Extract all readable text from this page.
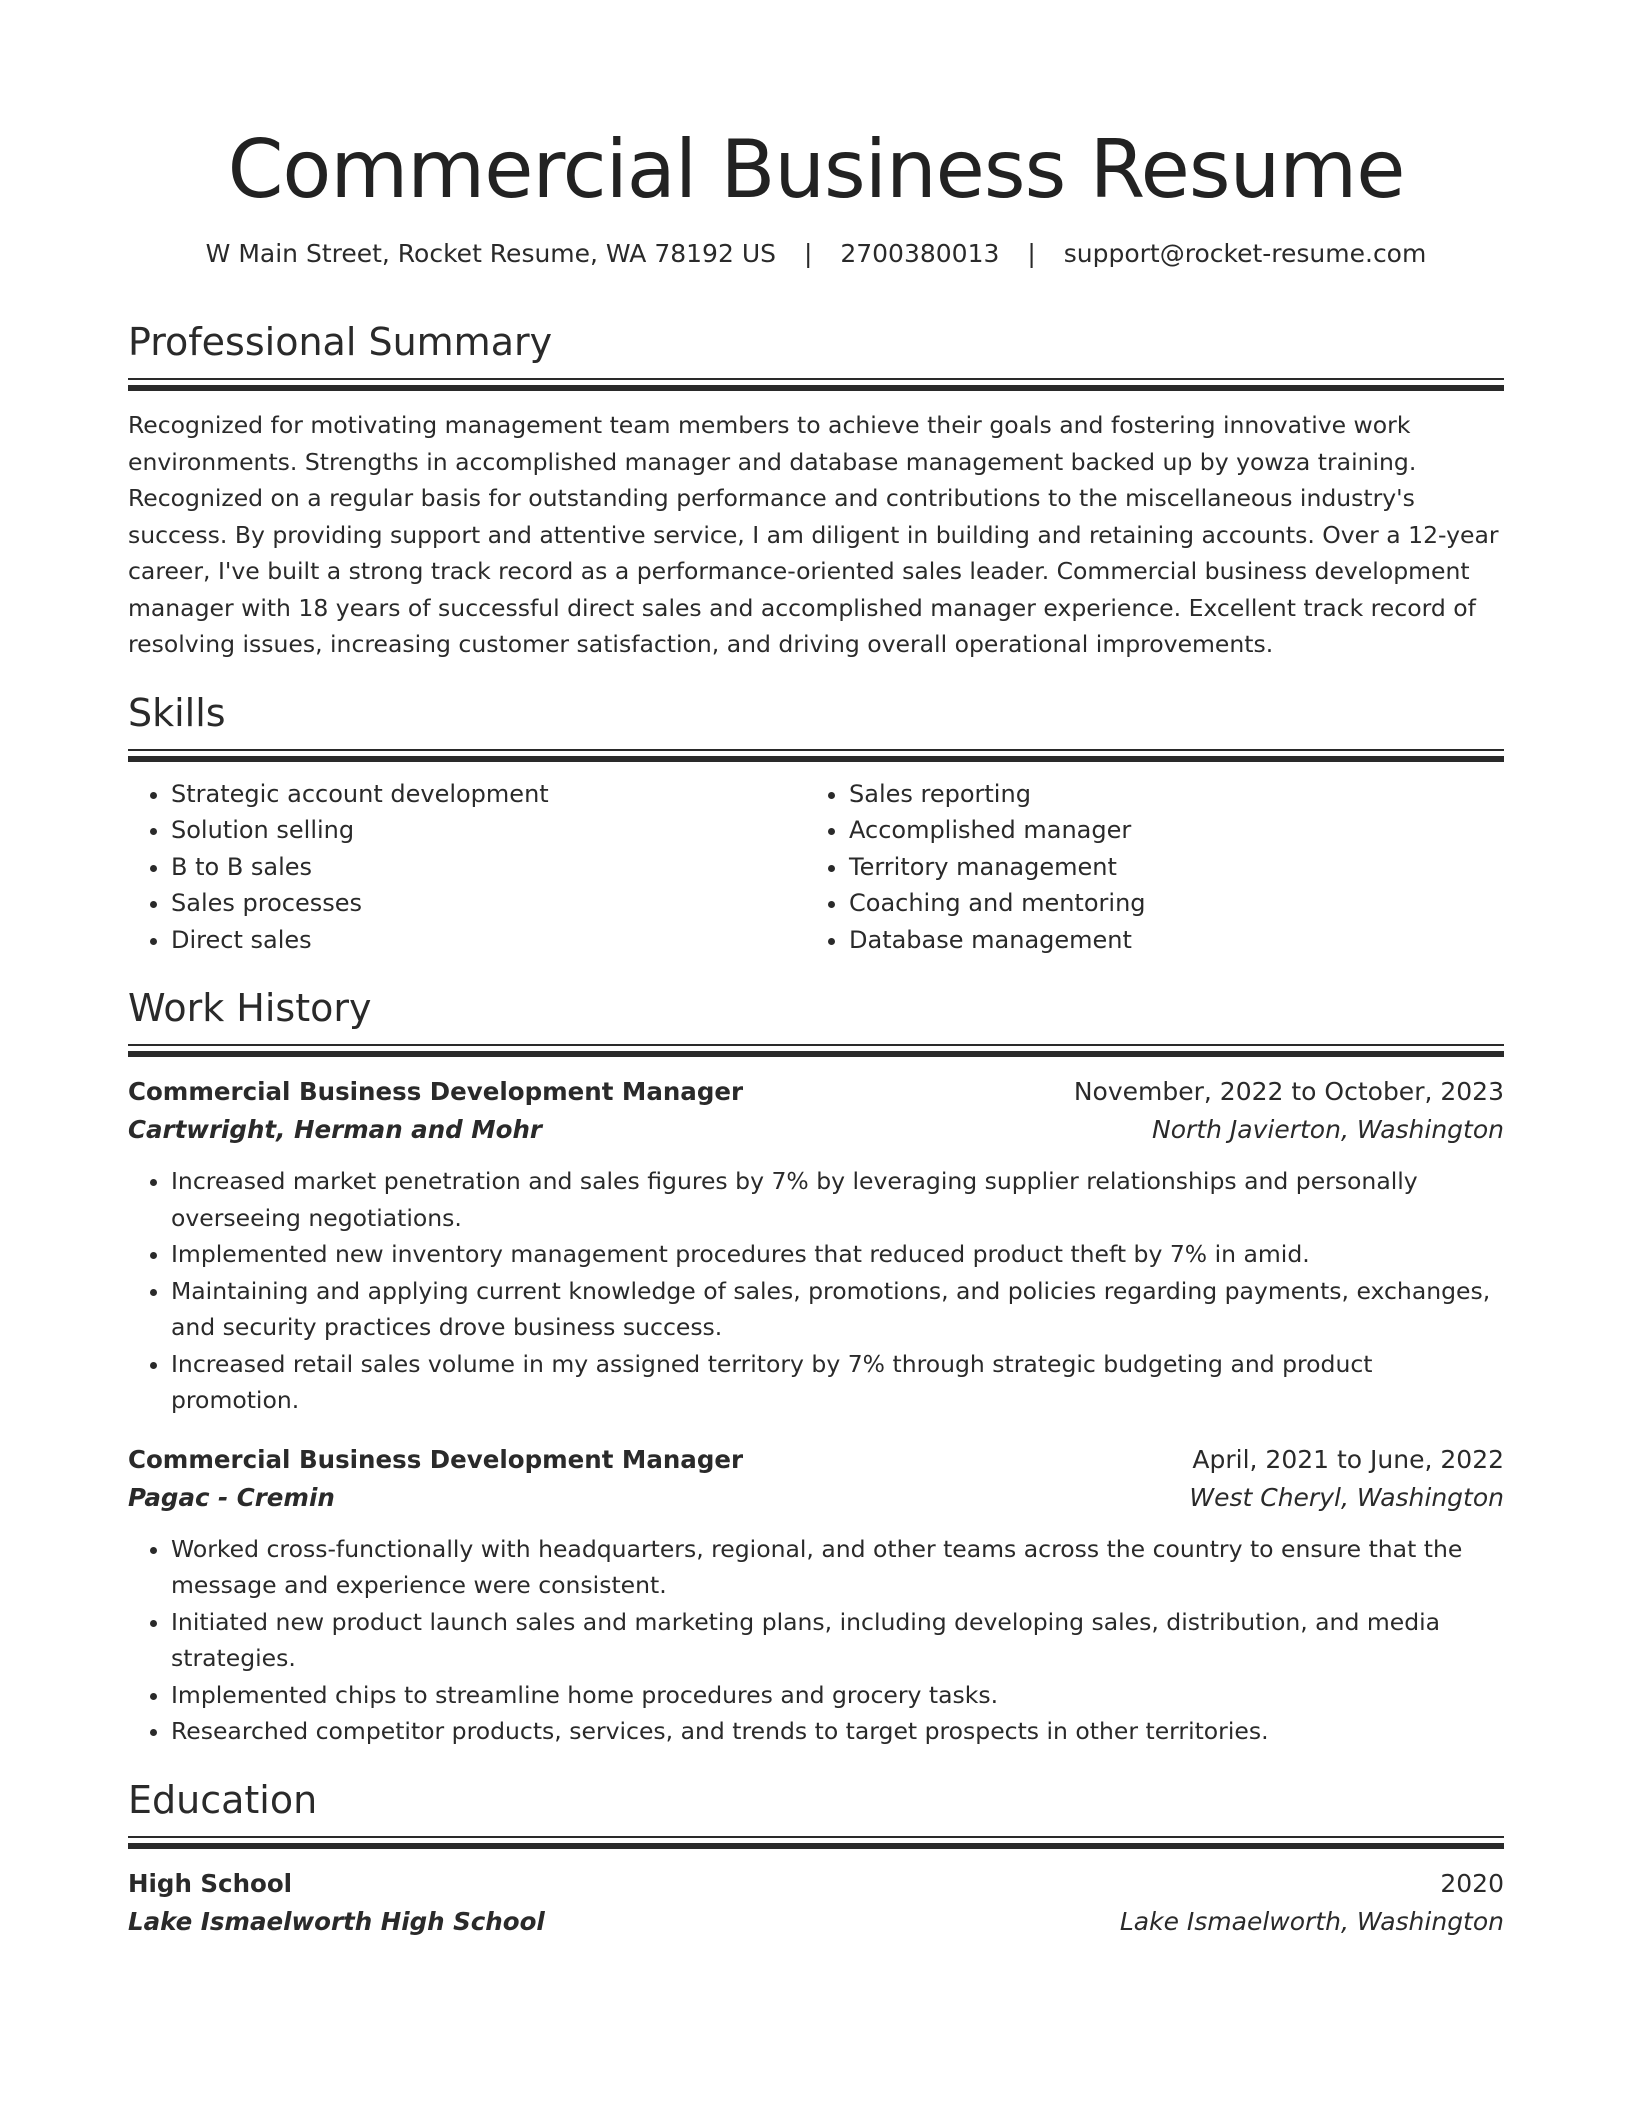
Commercial Business Resume
W Main Street, Rocket Resume, WA 78192 US | 2700380013 | support@rocket-resume.com
Professional Summary

Recognized for motivating management team members to achieve their goals and fostering innovative work environments. Strengths in accomplished manager and database management backed up by yowza training. Recognized on a regular basis for outstanding performance and contributions to the miscellaneous industry's success. By providing support and attentive service, I am diligent in building and retaining accounts. Over a 12-year career, I've built a strong track record as a performance-oriented sales leader. Commercial business development manager with 18 years of successful direct sales and accomplished manager experience. Excellent track record of resolving issues, increasing customer satisfaction, and driving overall operational improvements.

Skills
• Strategic account development
• Solution selling
• B to B sales
• Sales processes
• Direct sales
• Sales reporting
• Accomplished manager
• Territory management
• Coaching and mentoring
• Database management
Work History
Commercial Business Development Manager	November, 2022 to October, 2023
Cartwright, Herman and Mohr	North Javierton, Washington
• Increased market penetration and sales figures by 7% by leveraging supplier relationships and personally overseeing negotiations.
• Implemented new inventory management procedures that reduced product theft by 7% in amid.
• Maintaining and applying current knowledge of sales, promotions, and policies regarding payments, exchanges, and security practices drove business success.
• Increased retail sales volume in my assigned territory by 7% through strategic budgeting and product promotion.
Commercial Business Development Manager	April, 2021 to June, 2022
Pagac - Cremin	West Cheryl, Washington
• Worked cross-functionally with headquarters, regional, and other teams across the country to ensure that the message and experience were consistent.
• Initiated new product launch sales and marketing plans, including developing sales, distribution, and media strategies.
• Implemented chips to streamline home procedures and grocery tasks.
• Researched competitor products, services, and trends to target prospects in other territories.
Education
High School	2020
Lake Ismaelworth High School	Lake Ismaelworth, Washington
